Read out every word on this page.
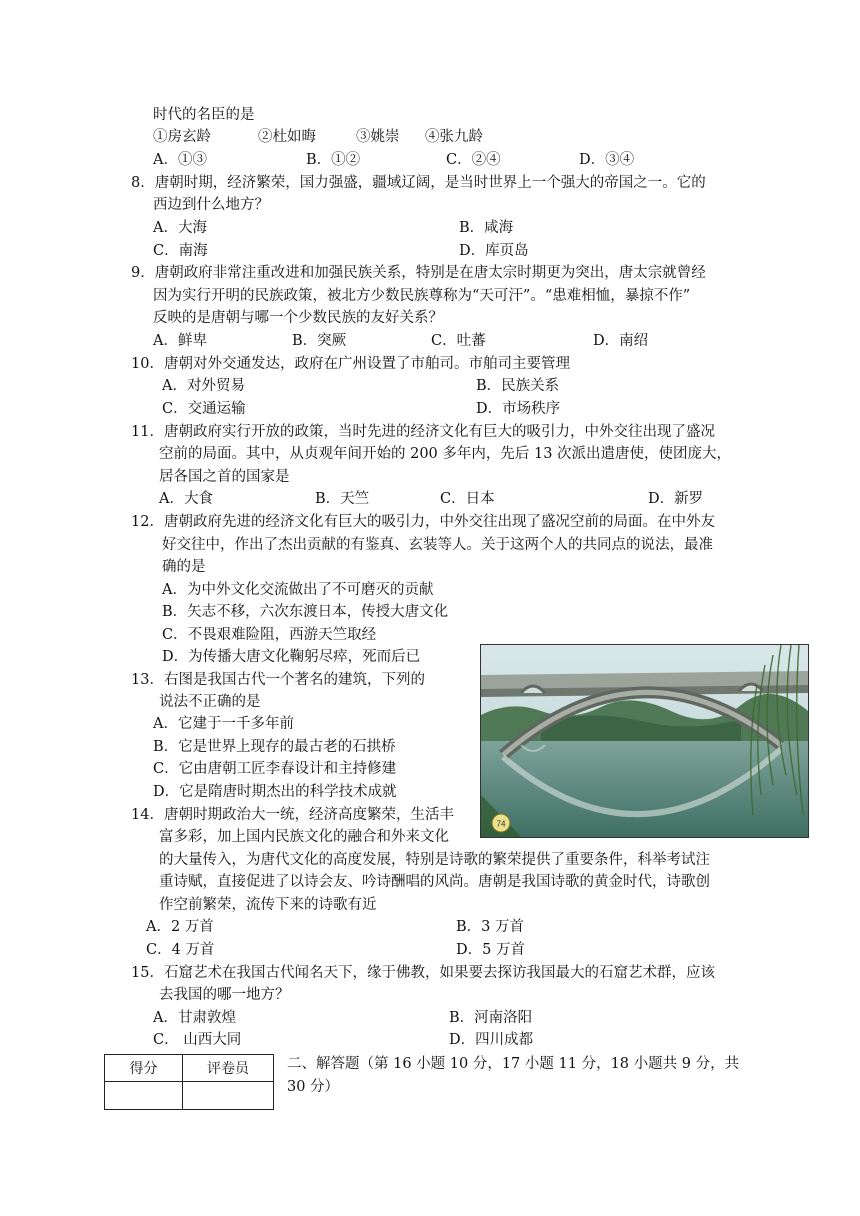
时代的名臣的是
①房玄龄	②杜如晦	③姚崇 ④张九龄
A．①③	B．①②	C．②④	D．③④
8．唐朝时期，经济繁荣，国力强盛，疆域辽阔，是当时世界上一个强大的帝国之一。它的
西边到什么地方？
A．大海	B．咸海
C．南海	D．库页岛
9．唐朝政府非常注重改进和加强民族关系，特别是在唐太宗时期更为突出，唐太宗就曾经
因为实行开明的民族政策，被北方少数民族尊称为“天可汗”。“患难相恤，暴掠不作”
反映的是唐朝与哪一个少数民族的友好关系？
A．鲜卑	B．突厥	C．吐蕃	D．南绍
10．唐朝对外交通发达，政府在广州设置了市舶司。市舶司主要管理
A．对外贸易	B．民族关系
C．交通运输	D．市场秩序
11．唐朝政府实行开放的政策，当时先进的经济文化有巨大的吸引力，中外交往出现了盛况
空前的局面。其中，从贞观年间开始的 200 多年内，先后 13 次派出遣唐使，使团庞大，
居各国之首的国家是
A．大食	B．天竺	C．日本	D．新罗
12．唐朝政府先进的经济文化有巨大的吸引力，中外交往出现了盛况空前的局面。在中外友
好交往中，作出了杰出贡献的有鉴真、玄装等人。关于这两个人的共同点的说法，最准
确的是
A．为中外文化交流做出了不可磨灭的贡献
B．矢志不移，六次东渡日本，传授大唐文化
C．不畏艰难险阻，西游天竺取经
D．为传播大唐文化鞠躬尽瘁，死而后已
74
13．右图是我国古代一个著名的建筑，下列的
说法不正确的是
A．它建于一千多年前
B．它是世界上现存的最古老的石拱桥
C．它由唐朝工匠李春设计和主持修建
D．它是隋唐时期杰出的科学技术成就
14．唐朝时期政治大一统，经济高度繁荣，生活丰
富多彩，加上国内民族文化的融合和外来文化
的大量传入，为唐代文化的高度发展，特别是诗歌的繁荣提供了重要条件，科举考试注
重诗赋，直接促进了以诗会友、吟诗酬唱的风尚。唐朝是我国诗歌的黄金时代，诗歌创
作空前繁荣，流传下来的诗歌有近
A．2 万首	B．3 万首
C．4 万首	D．5 万首
15．石窟艺术在我国古代闻名天下，缘于佛教，如果要去探访我国最大的石窟艺术群，应该
去我国的哪一地方？
A．甘肃敦煌	B．河南洛阳
C． 山西大同	D．四川成都
得分	评卷员
		二、解答题（第 16 小题 10 分，17 小题 11 分，18 小题共 9 分，共
30 分）
